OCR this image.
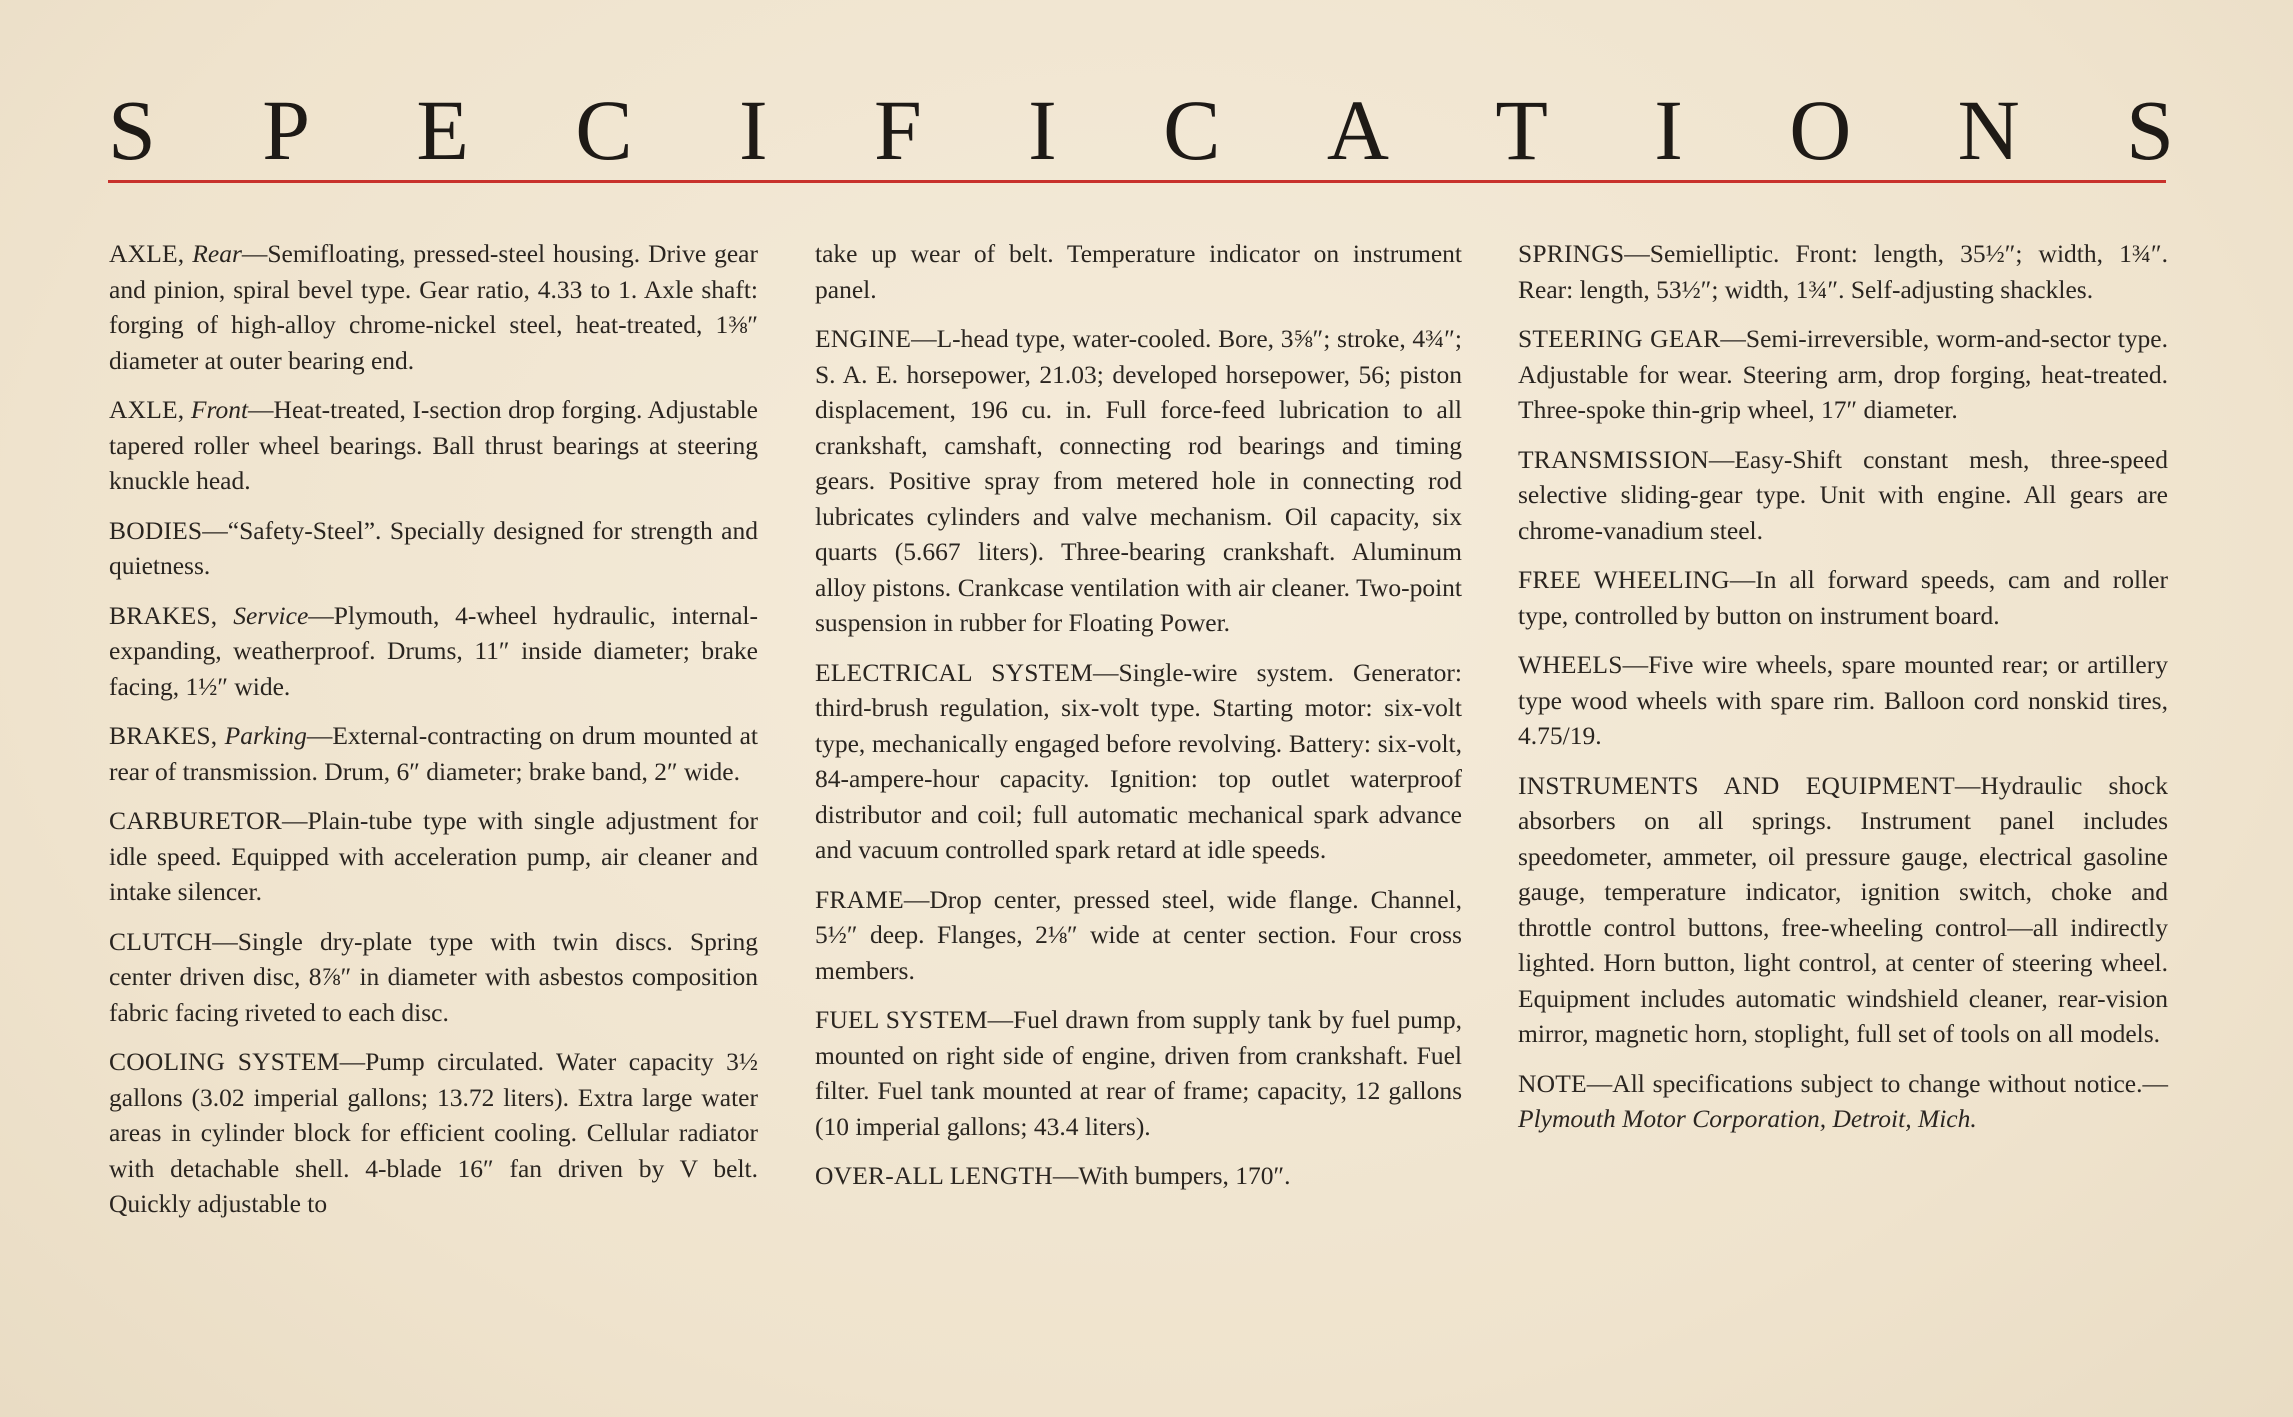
S P E C I F I C A T I O N S

AXLE, Rear—Semifloating, pressed-steel housing. Drive gear and pinion, spiral bevel type. Gear ratio, 4.33 to 1. Axle shaft: forging of high-alloy chrome-nickel steel, heat-treated, 1⅜″ diameter at outer bearing end.

AXLE, Front—Heat-treated, I-section drop forging. Adjustable tapered roller wheel bearings. Ball thrust bearings at steering knuckle head.

BODIES—“Safety-Steel”. Specially designed for strength and quietness.

BRAKES, Service—Plymouth, 4-wheel hydraulic, internal-expanding, weatherproof. Drums, 11″ inside diameter; brake facing, 1½″ wide.

BRAKES, Parking—External-contracting on drum mounted at rear of transmission. Drum, 6″ diameter; brake band, 2″ wide.

CARBURETOR—Plain-tube type with single adjustment for idle speed. Equipped with acceleration pump, air cleaner and intake silencer.

CLUTCH—Single dry-plate type with twin discs. Spring center driven disc, 8⅞″ in diameter with asbestos composition fabric facing riveted to each disc.

COOLING SYSTEM—Pump circulated. Water capacity 3½ gallons (3.02 imperial gallons; 13.72 liters). Extra large water areas in cylinder block for efficient cooling. Cellular radiator with detachable shell. 4-blade 16″ fan driven by V belt. Quickly adjustable to

take up wear of belt. Temperature indicator on instrument panel.

ENGINE—L-head type, water-cooled. Bore, 3⅝″; stroke, 4¾″; S. A. E. horsepower, 21.03; developed horsepower, 56; piston displacement, 196 cu. in. Full force-feed lubrication to all crankshaft, camshaft, connecting rod bearings and timing gears. Positive spray from metered hole in connecting rod lubricates cylinders and valve mechanism. Oil capacity, six quarts (5.667 liters). Three-bearing crankshaft. Aluminum alloy pistons. Crankcase ventilation with air cleaner. Two-point suspension in rubber for Floating Power.

ELECTRICAL SYSTEM—Single-wire system. Generator: third-brush regulation, six-volt type. Starting motor: six-volt type, mechanically engaged before revolving. Battery: six-volt, 84-ampere-hour capacity. Ignition: top outlet waterproof distributor and coil; full automatic mechanical spark advance and vacuum controlled spark retard at idle speeds.

FRAME—Drop center, pressed steel, wide flange. Channel, 5½″ deep. Flanges, 2⅛″ wide at center section. Four cross members.

FUEL SYSTEM—Fuel drawn from supply tank by fuel pump, mounted on right side of engine, driven from crankshaft. Fuel filter. Fuel tank mounted at rear of frame; capacity, 12 gallons (10 imperial gallons; 43.4 liters).

OVER-ALL LENGTH—With bumpers, 170″.

SPRINGS—Semielliptic. Front: length, 35½″; width, 1¾″. Rear: length, 53½″; width, 1¾″. Self-adjusting shackles.

STEERING GEAR—Semi-irreversible, worm-and-sector type. Adjustable for wear. Steering arm, drop forging, heat-treated. Three-spoke thin-grip wheel, 17″ diameter.

TRANSMISSION—Easy-Shift constant mesh, three-speed selective sliding-gear type. Unit with engine. All gears are chrome-vanadium steel.

FREE WHEELING—In all forward speeds, cam and roller type, controlled by button on instrument board.

WHEELS—Five wire wheels, spare mounted rear; or artillery type wood wheels with spare rim. Balloon cord nonskid tires, 4.75/19.

INSTRUMENTS AND EQUIPMENT—Hydraulic shock absorbers on all springs. Instrument panel includes speedometer, ammeter, oil pressure gauge, electrical gasoline gauge, temperature indicator, ignition switch, choke and throttle control buttons, free-wheeling control—all indirectly lighted. Horn button, light control, at center of steering wheel. Equipment includes automatic windshield cleaner, rear-vision mirror, magnetic horn, stoplight, full set of tools on all models.

NOTE—All specifications subject to change without notice.—Plymouth Motor Corporation, Detroit, Mich.
